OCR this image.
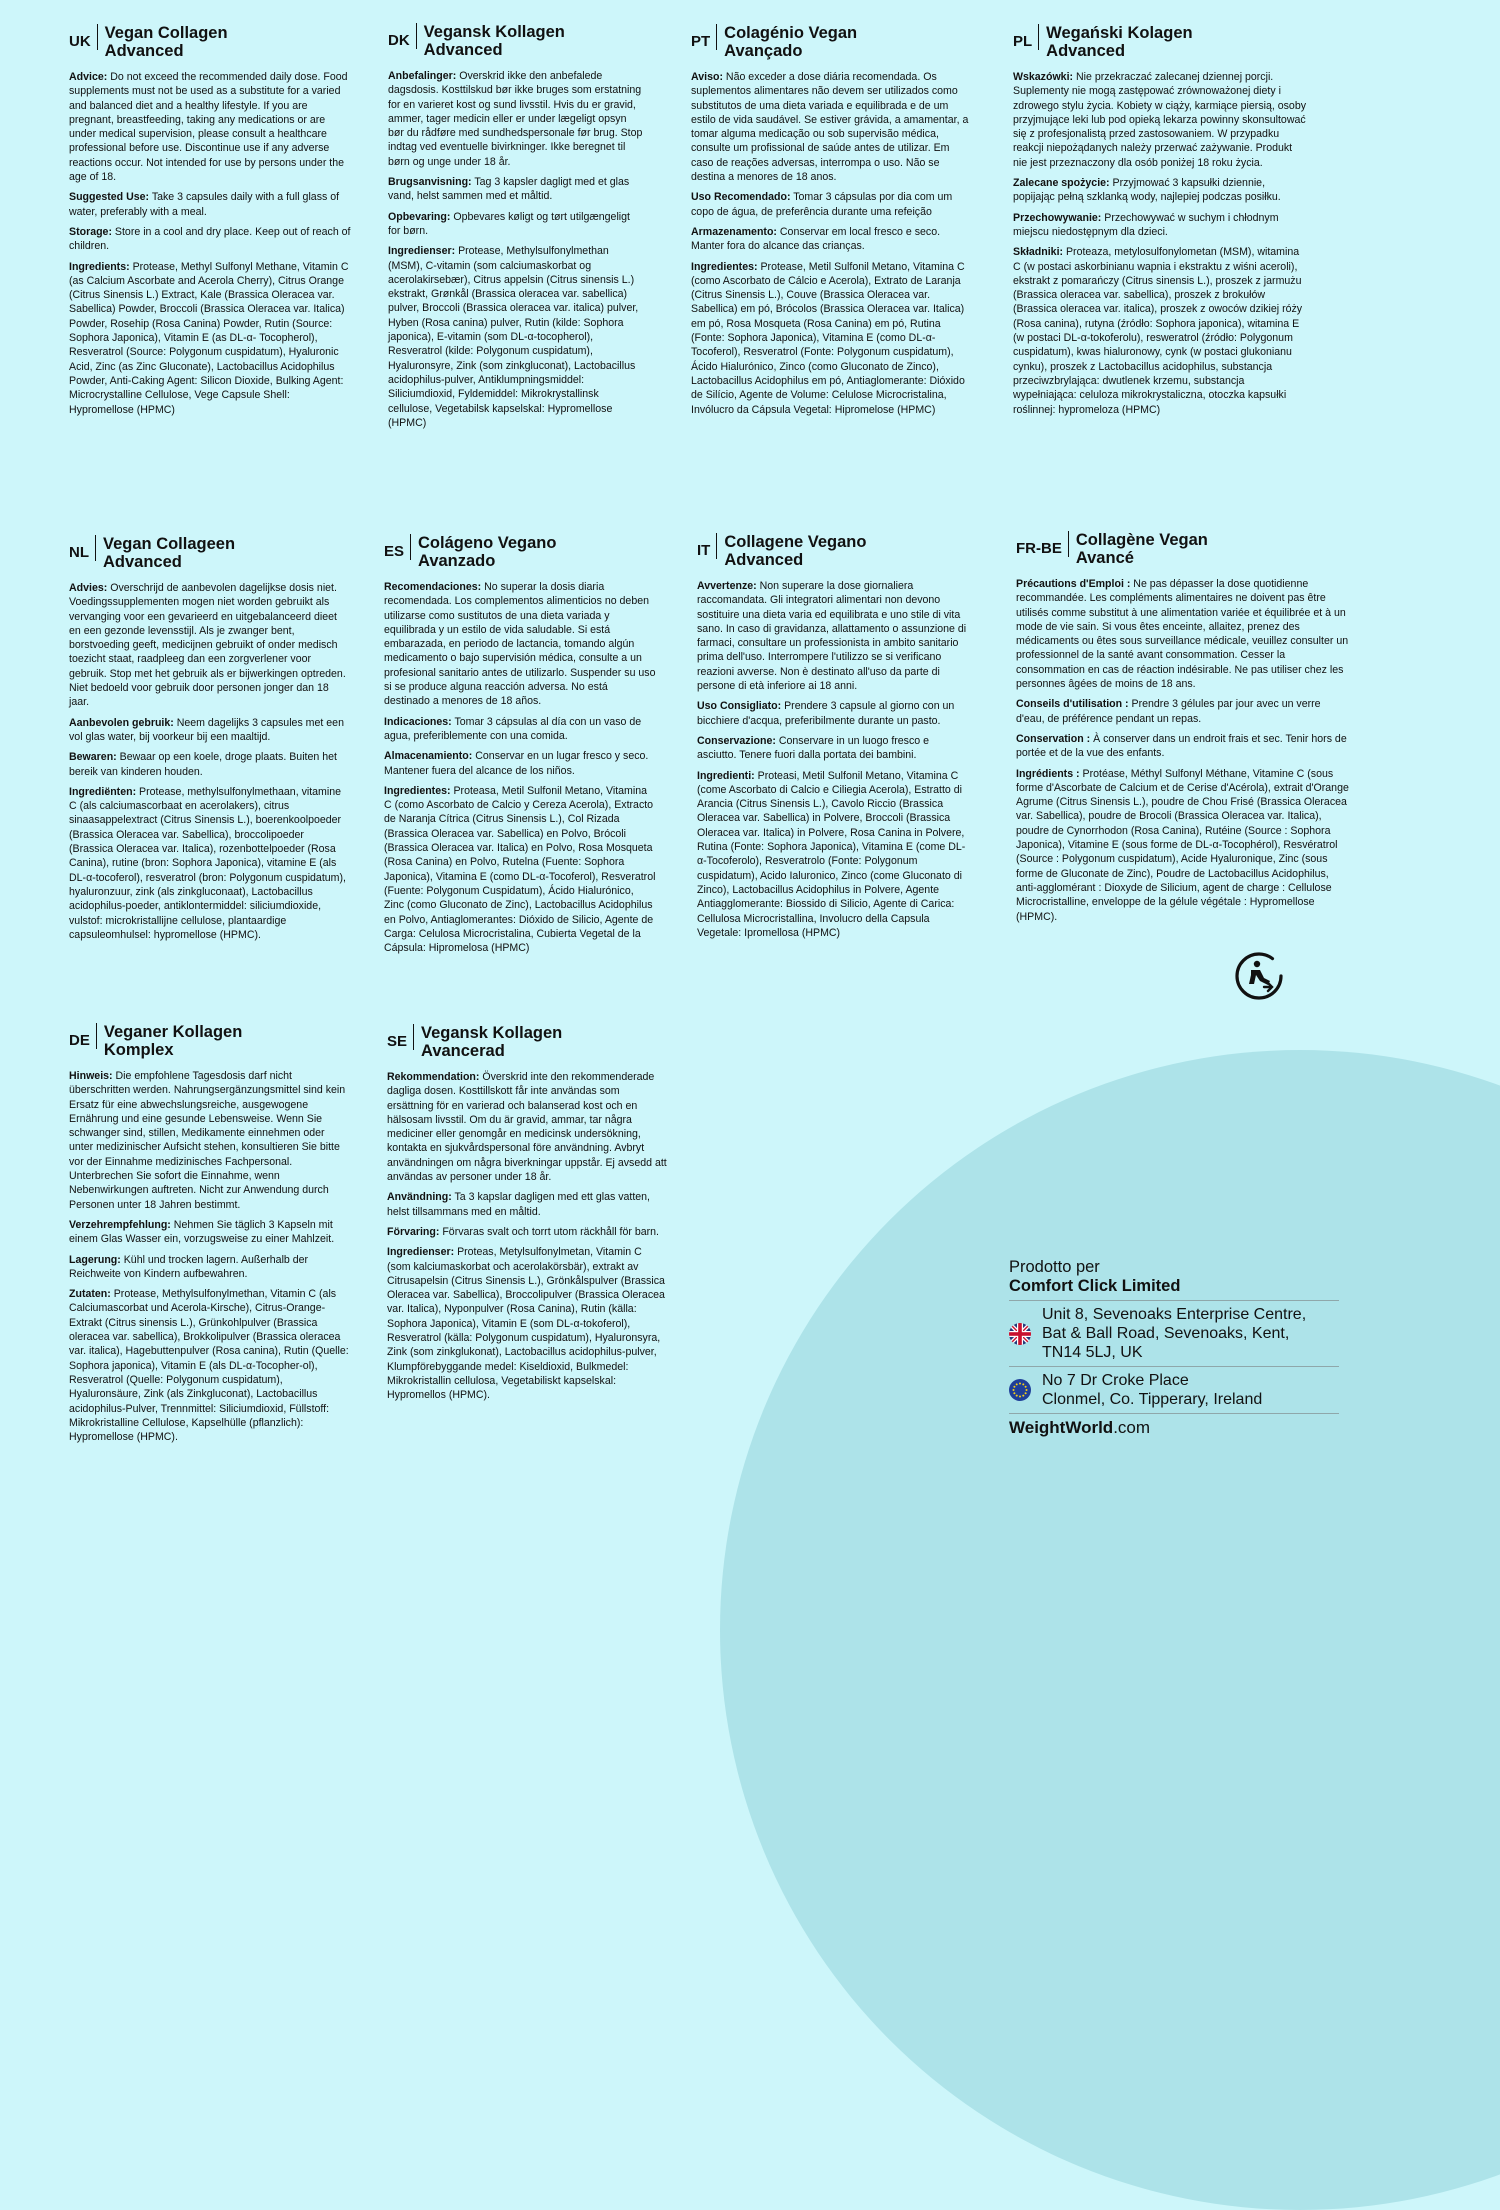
UK Vegan Collagen
Advanced
Advice: Do not exceed the recommended daily dose. Food supplements must not be used as a substitute for a varied and balanced diet and a healthy lifestyle. If you are pregnant, breastfeeding, taking any medications or are under medical supervision, please consult a healthcare professional before use. Discontinue use if any adverse reactions occur. Not intended for use by persons under the age of 18.
Suggested Use: Take 3 capsules daily with a full glass of water, preferably with a meal.
Storage: Store in a cool and dry place. Keep out of reach of children.
Ingredients: Protease, Methyl Sulfonyl Methane, Vitamin C (as Calcium Ascorbate and Acerola Cherry), Citrus Orange (Citrus Sinensis L.) Extract, Kale (Brassica Oleracea var. Sabellica) Powder, Broccoli (Brassica Oleracea var. Italica) Powder, Rosehip (Rosa Canina) Powder, Rutin (Source: Sophora Japonica), Vitamin E (as DL-α- Tocopherol), Resveratrol (Source: Polygonum cuspidatum), Hyaluronic Acid, Zinc (as Zinc Gluconate), Lactobacillus Acidophilus Powder, Anti-Caking Agent: Silicon Dioxide, Bulking Agent: Microcrystalline Cellulose, Vege Capsule Shell: Hypromellose (HPMC)
DK Vegansk Kollagen
Advanced
Anbefalinger: Overskrid ikke den anbefalede dagsdosis. Kosttilskud bør ikke bruges som erstatning for en varieret kost og sund livsstil. Hvis du er gravid, ammer, tager medicin eller er under lægeligt opsyn bør du rådføre med sundhedspersonale før brug. Stop indtag ved eventuelle bivirkninger. Ikke beregnet til børn og unge under 18 år.
Brugsanvisning: Tag 3 kapsler dagligt med et glas vand, helst sammen med et måltid.
Opbevaring: Opbevares køligt og tørt utilgængeligt for børn.
Ingredienser: Protease, Methylsulfonylmethan (MSM), C-vitamin (som calciumaskorbat og acerolakirsebær), Citrus appelsin (Citrus sinensis L.) ekstrakt, Grønkål (Brassica oleracea var. sabellica) pulver, Broccoli (Brassica oleracea var. italica) pulver, Hyben (Rosa canina) pulver, Rutin (kilde: Sophora japonica), E-vitamin (som DL-α-tocopherol), Resveratrol (kilde: Polygonum cuspidatum), Hyaluronsyre, Zink (som zinkgluconat), Lactobacillus acidophilus-pulver, Antiklumpningsmiddel: Siliciumdioxid, Fyldemiddel: Mikrokrystallinsk cellulose, Vegetabilsk kapselskal: Hypromellose (HPMC)
PT Colagénio Vegan
Avançado
Aviso: Não exceder a dose diária recomendada. Os suplementos alimentares não devem ser utilizados como substitutos de uma dieta variada e equilibrada e de um estilo de vida saudável. Se estiver grávida, a amamentar, a tomar alguma medicação ou sob supervisão médica, consulte um profissional de saúde antes de utilizar. Em caso de reações adversas, interrompa o uso. Não se destina a menores de 18 anos.
Uso Recomendado: Tomar 3 cápsulas por dia com um copo de água, de preferência durante uma refeição
Armazenamento: Conservar em local fresco e seco. Manter fora do alcance das crianças.
Ingredientes: Protease, Metil Sulfonil Metano, Vitamina C (como Ascorbato de Cálcio e Acerola), Extrato de Laranja (Citrus Sinensis L.), Couve (Brassica Oleracea var. Sabellica) em pó, Brócolos (Brassica Oleracea var. Italica) em pó, Rosa Mosqueta (Rosa Canina) em pó, Rutina (Fonte: Sophora Japonica), Vitamina E (como DL-α-Tocoferol), Resveratrol (Fonte: Polygonum cuspidatum), Ácido Hialurónico, Zinco (como Gluconato de Zinco), Lactobacillus Acidophilus em pó, Antiaglomerante: Dióxido de Silício, Agente de Volume: Celulose Microcristalina, Invólucro da Cápsula Vegetal: Hipromelose (HPMC)
PL Wegański Kolagen
Advanced
Wskazówki: Nie przekraczać zalecanej dziennej porcji. Suplementy nie mogą zastępować zrównoważonej diety i zdrowego stylu życia. Kobiety w ciąży, karmiące piersią, osoby przyjmujące leki lub pod opieką lekarza powinny skonsultować się z profesjonalistą przed zastosowaniem. W przypadku reakcji niepożądanych należy przerwać zażywanie. Produkt nie jest przeznaczony dla osób poniżej 18 roku życia.
Zalecane spożycie: Przyjmować 3 kapsułki dziennie, popijając pełną szklanką wody, najlepiej podczas posiłku.
Przechowywanie: Przechowywać w suchym i chłodnym miejscu niedostępnym dla dzieci.
Składniki: Proteaza, metylosulfonylometan (MSM), witamina C (w postaci askorbinianu wapnia i ekstraktu z wiśni aceroli), ekstrakt z pomarańczy (Citrus sinensis L.), proszek z jarmużu (Brassica oleracea var. sabellica), proszek z brokułów (Brassica oleracea var. italica), proszek z owoców dzikiej róży (Rosa canina), rutyna (źródło: Sophora japonica), witamina E (w postaci DL-α-tokoferolu), resweratrol (źródło: Polygonum cuspidatum), kwas hialuronowy, cynk (w postaci glukonianu cynku), proszek z Lactobacillus acidophilus, substancja przeciwzbrylająca: dwutlenek krzemu, substancja wypełniająca: celuloza mikrokrystaliczna, otoczka kapsułki roślinnej: hypromeloza (HPMC)
NL Vegan Collageen
Advanced
Advies: Overschrijd de aanbevolen dagelijkse dosis niet. Voedingssupplementen mogen niet worden gebruikt als vervanging voor een gevarieerd en uitgebalanceerd dieet en een gezonde levensstijl. Als je zwanger bent, borstvoeding geeft, medicijnen gebruikt of onder medisch toezicht staat, raadpleeg dan een zorgverlener voor gebruik. Stop met het gebruik als er bijwerkingen optreden. Niet bedoeld voor gebruik door personen jonger dan 18 jaar.
Aanbevolen gebruik: Neem dagelijks 3 capsules met een vol glas water, bij voorkeur bij een maaltijd.
Bewaren: Bewaar op een koele, droge plaats. Buiten het bereik van kinderen houden.
Ingrediënten: Protease, methylsulfonylmethaan, vitamine C (als calciumascorbaat en acerolakers), citrus sinaasappelextract (Citrus Sinensis L.), boerenkoolpoeder (Brassica Oleracea var. Sabellica), broccolipoeder (Brassica Oleracea var. Italica), rozenbottelpoeder (Rosa Canina), rutine (bron: Sophora Japonica), vitamine E (als DL-α-tocoferol), resveratrol (bron: Polygonum cuspidatum), hyaluronzuur, zink (als zinkgluconaat), Lactobacillus acidophilus-poeder, antiklontermiddel: siliciumdioxide, vulstof: microkristallijne cellulose, plantaardige capsuleomhulsel: hypromellose (HPMC).
ES Colágeno Vegano
Avanzado
Recomendaciones: No superar la dosis diaria recomendada. Los complementos alimenticios no deben utilizarse como sustitutos de una dieta variada y equilibrada y un estilo de vida saludable. Si está embarazada, en periodo de lactancia, tomando algún medicamento o bajo supervisión médica, consulte a un profesional sanitario antes de utilizarlo. Suspender su uso si se produce alguna reacción adversa. No está destinado a menores de 18 años.
Indicaciones: Tomar 3 cápsulas al día con un vaso de agua, preferiblemente con una comida.
Almacenamiento: Conservar en un lugar fresco y seco. Mantener fuera del alcance de los niños.
Ingredientes: Proteasa, Metil Sulfonil Metano, Vitamina C (como Ascorbato de Calcio y Cereza Acerola), Extracto de Naranja Cítrica (Citrus Sinensis L.), Col Rizada (Brassica Oleracea var. Sabellica) en Polvo, Brócoli (Brassica Oleracea var. Italica) en Polvo, Rosa Mosqueta (Rosa Canina) en Polvo, Rutelna (Fuente: Sophora Japonica), Vitamina E (como DL-α-Tocoferol), Resveratrol (Fuente: Polygonum Cuspidatum), Ácido Hialurónico, Zinc (como Gluconato de Zinc), Lactobacillus Acidophilus en Polvo, Antiaglomerantes: Dióxido de Silicio, Agente de Carga: Celulosa Microcristalina, Cubierta Vegetal de la Cápsula: Hipromelosa (HPMC)
IT Collagene Vegano
Advanced
Avvertenze: Non superare la dose giornaliera raccomandata. Gli integratori alimentari non devono sostituire una dieta varia ed equilibrata e uno stile di vita sano. In caso di gravidanza, allattamento o assunzione di farmaci, consultare un professionista in ambito sanitario prima dell'uso. Interrompere l'utilizzo se si verificano reazioni avverse. Non è destinato all'uso da parte di persone di età inferiore ai 18 anni.
Uso Consigliato: Prendere 3 capsule al giorno con un bicchiere d'acqua, preferibilmente durante un pasto.
Conservazione: Conservare in un luogo fresco e asciutto. Tenere fuori dalla portata dei bambini.
Ingredienti: Proteasi, Metil Sulfonil Metano, Vitamina C (come Ascorbato di Calcio e Ciliegia Acerola), Estratto di Arancia (Citrus Sinensis L.), Cavolo Riccio (Brassica Oleracea var. Sabellica) in Polvere, Broccoli (Brassica Oleracea var. Italica) in Polvere, Rosa Canina in Polvere, Rutina (Fonte: Sophora Japonica), Vitamina E (come DL-α-Tocoferolo), Resveratrolo (Fonte: Polygonum cuspidatum), Acido Ialuronico, Zinco (come Gluconato di Zinco), Lactobacillus Acidophilus in Polvere, Agente Antiagglomerante: Biossido di Silicio, Agente di Carica: Cellulosa Microcristallina, Involucro della Capsula Vegetale: Ipromellosa (HPMC)
FR-BE Collagène Vegan
Avancé
Précautions d'Emploi : Ne pas dépasser la dose quotidienne recommandée. Les compléments alimentaires ne doivent pas être utilisés comme substitut à une alimentation variée et équilibrée et à un mode de vie sain. Si vous êtes enceinte, allaitez, prenez des médicaments ou êtes sous surveillance médicale, veuillez consulter un professionnel de la santé avant consommation. Cesser la consommation en cas de réaction indésirable. Ne pas utiliser chez les personnes âgées de moins de 18 ans.
Conseils d'utilisation : Prendre 3 gélules par jour avec un verre d'eau, de préférence pendant un repas.
Conservation : À conserver dans un endroit frais et sec. Tenir hors de portée et de la vue des enfants.
Ingrédients : Protéase, Méthyl Sulfonyl Méthane, Vitamine C (sous forme d'Ascorbate de Calcium et de Cerise d'Acérola), extrait d'Orange Agrume (Citrus Sinensis L.), poudre de Chou Frisé (Brassica Oleracea var. Sabellica), poudre de Brocoli (Brassica Oleracea var. Italica), poudre de Cynorrhodon (Rosa Canina), Rutéine (Source : Sophora Japonica), Vitamine E (sous forme de DL-α-Tocophérol), Resvératrol (Source : Polygonum cuspidatum), Acide Hyaluronique, Zinc (sous forme de Gluconate de Zinc), Poudre de Lactobacillus Acidophilus, anti-agglomérant : Dioxyde de Silicium, agent de charge : Cellulose Microcristalline, enveloppe de la gélule végétale : Hypromellose (HPMC).
DE Veganer Kollagen
Komplex
Hinweis: Die empfohlene Tagesdosis darf nicht überschritten werden. Nahrungsergänzungsmittel sind kein Ersatz für eine abwechslungsreiche, ausgewogene Ernährung und eine gesunde Lebensweise. Wenn Sie schwanger sind, stillen, Medikamente einnehmen oder unter medizinischer Aufsicht stehen, konsultieren Sie bitte vor der Einnahme medizinisches Fachpersonal. Unterbrechen Sie sofort die Einnahme, wenn Nebenwirkungen auftreten. Nicht zur Anwendung durch Personen unter 18 Jahren bestimmt.
Verzehrempfehlung: Nehmen Sie täglich 3 Kapseln mit einem Glas Wasser ein, vorzugsweise zu einer Mahlzeit.
Lagerung: Kühl und trocken lagern. Außerhalb der Reichweite von Kindern aufbewahren.
Zutaten: Protease, Methylsulfonylmethan, Vitamin C (als Calciumascorbat und Acerola-Kirsche), Citrus-Orange-Extrakt (Citrus sinensis L.), Grünkohlpulver (Brassica oleracea var. sabellica), Brokkolipulver (Brassica oleracea var. italica), Hagebuttenpulver (Rosa canina), Rutin (Quelle: Sophora japonica), Vitamin E (als DL-α-Tocopher-ol), Resveratrol (Quelle: Polygonum cuspidatum), Hyaluronsäure, Zink (als Zinkgluconat), Lactobacillus acidophilus-Pulver, Trennmittel: Siliciumdioxid, Füllstoff: Mikrokristalline Cellulose, Kapselhülle (pflanzlich): Hypromellose (HPMC).
SE Vegansk Kollagen
Avancerad
Rekommendation: Överskrid inte den rekommenderade dagliga dosen. Kosttillskott får inte användas som ersättning för en varierad och balanserad kost och en hälsosam livsstil. Om du är gravid, ammar, tar några mediciner eller genomgår en medicinsk undersökning, kontakta en sjukvårdspersonal före användning. Avbryt användningen om några biverkningar uppstår. Ej avsedd att användas av personer under 18 år.
Användning: Ta 3 kapslar dagligen med ett glas vatten, helst tillsammans med en måltid.
Förvaring: Förvaras svalt och torrt utom räckhåll för barn.
Ingredienser: Proteas, Metylsulfonylmetan, Vitamin C (som kalciumaskorbat och acerolakörsbär), extrakt av Citrusapelsin (Citrus Sinensis L.), Grönkålspulver (Brassica Oleracea var. Sabellica), Broccolipulver (Brassica Oleracea var. Italica), Nyponpulver (Rosa Canina), Rutin (källa: Sophora Japonica), Vitamin E (som DL-α-tokoferol), Resveratrol (källa: Polygonum cuspidatum), Hyaluronsyra, Zink (som zinkglukonat), Lactobacillus acidophilus-pulver, Klumpförebyggande medel: Kiseldioxid, Bulkmedel: Mikrokristallin cellulosa, Vegetabiliskt kapselskal: Hypromellos (HPMC).
Prodotto per
Comfort Click Limited
Unit 8, Sevenoaks Enterprise Centre,
Bat & Ball Road, Sevenoaks, Kent,
TN14 5LJ, UK
No 7 Dr Croke Place
Clonmel, Co. Tipperary, Ireland
WeightWorld.com
